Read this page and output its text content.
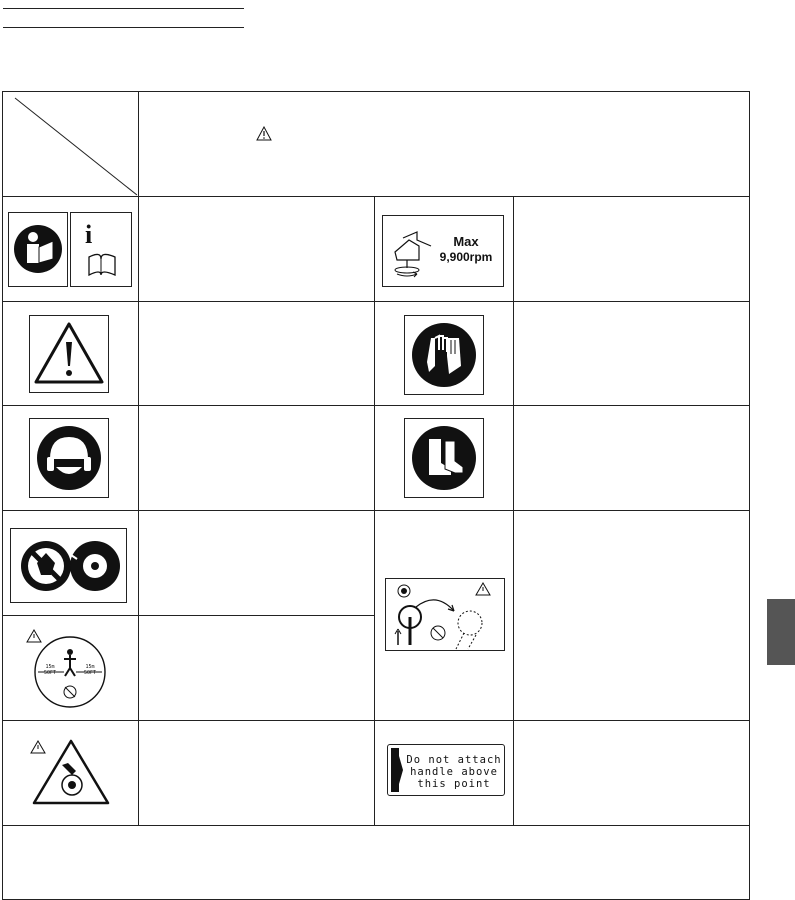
i	Max
9,900rpm
15m
50FT
15m
50FT
Do not attach
handle above
this point
